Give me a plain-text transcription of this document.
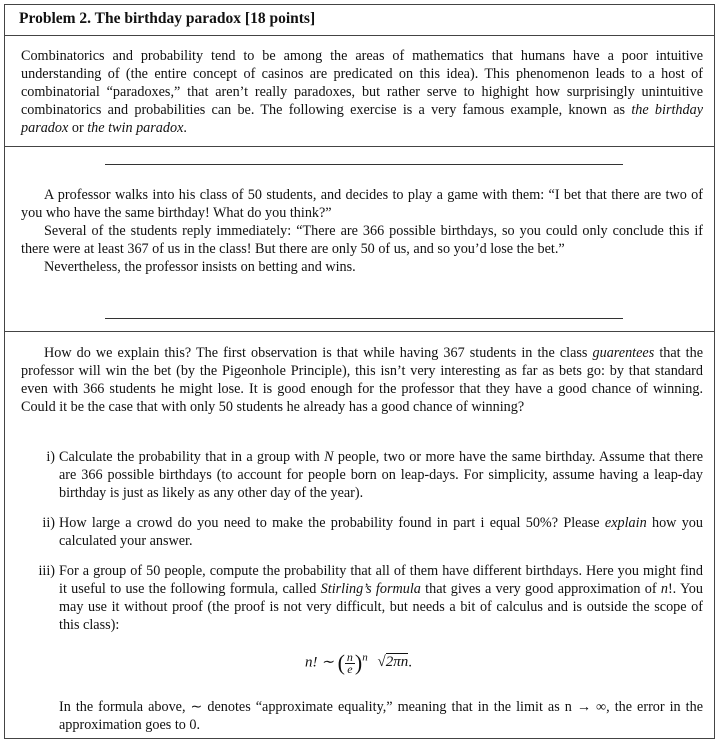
Problem 2. The birthday paradox [18 points]

Combinatorics and probability tend to be among the areas of mathematics that humans have a poor intuitive understanding of (the entire concept of casinos are predicated on this idea). This phenomenon leads to a host of combinatorial “paradoxes,” that aren’t really paradoxes, but rather serve to highight how surprisingly unintuitive combinatorics and probabilities can be. The following exercise is a very famous example, known as the birthday paradox or the twin paradox.

A professor walks into his class of 50 students, and decides to play a game with them: “I bet that there are two of you who have the same birthday! What do you think?”

Several of the students reply immediately: “There are 366 possible birthdays, so you could only conclude this if there were at least 367 of us in the class! But there are only 50 of us, and so you’d lose the bet.”

Nevertheless, the professor insists on betting and wins.

How do we explain this? The first observation is that while having 367 students in the class guarentees that the professor will win the bet (by the Pigeonhole Principle), this isn’t very interesting as far as bets go: by that standard even with 366 students he might lose. It is good enough for the professor that they have a good chance of winning. Could it be the case that with only 50 students he already has a good chance of winning?

i) Calculate the probability that in a group with N people, two or more have the same birthday. Assume that there are 366 possible birthdays (to account for people born on leap-days. For simplicity, assume having a leap-day birthday is just as likely as any other day of the year).
ii) How large a crowd do you need to make the probability found in part i equal 50%? Please explain how you calculated your answer.
iii) For a group of 50 people, compute the probability that all of them have different birthdays. Here you might find it useful to use the following formula, called Stirling’s formula that gives a very good approximation of n!. You may use it without proof (the proof is not very difficult, but needs a bit of calculus and is outside the scope of this class):
n! ∼ ( $\frac{n}{e} )^n$ √2πn.
In the formula above, ∼ denotes “approximate equality,” meaning that in the limit as n → ∞, the error in the approximation goes to 0.
